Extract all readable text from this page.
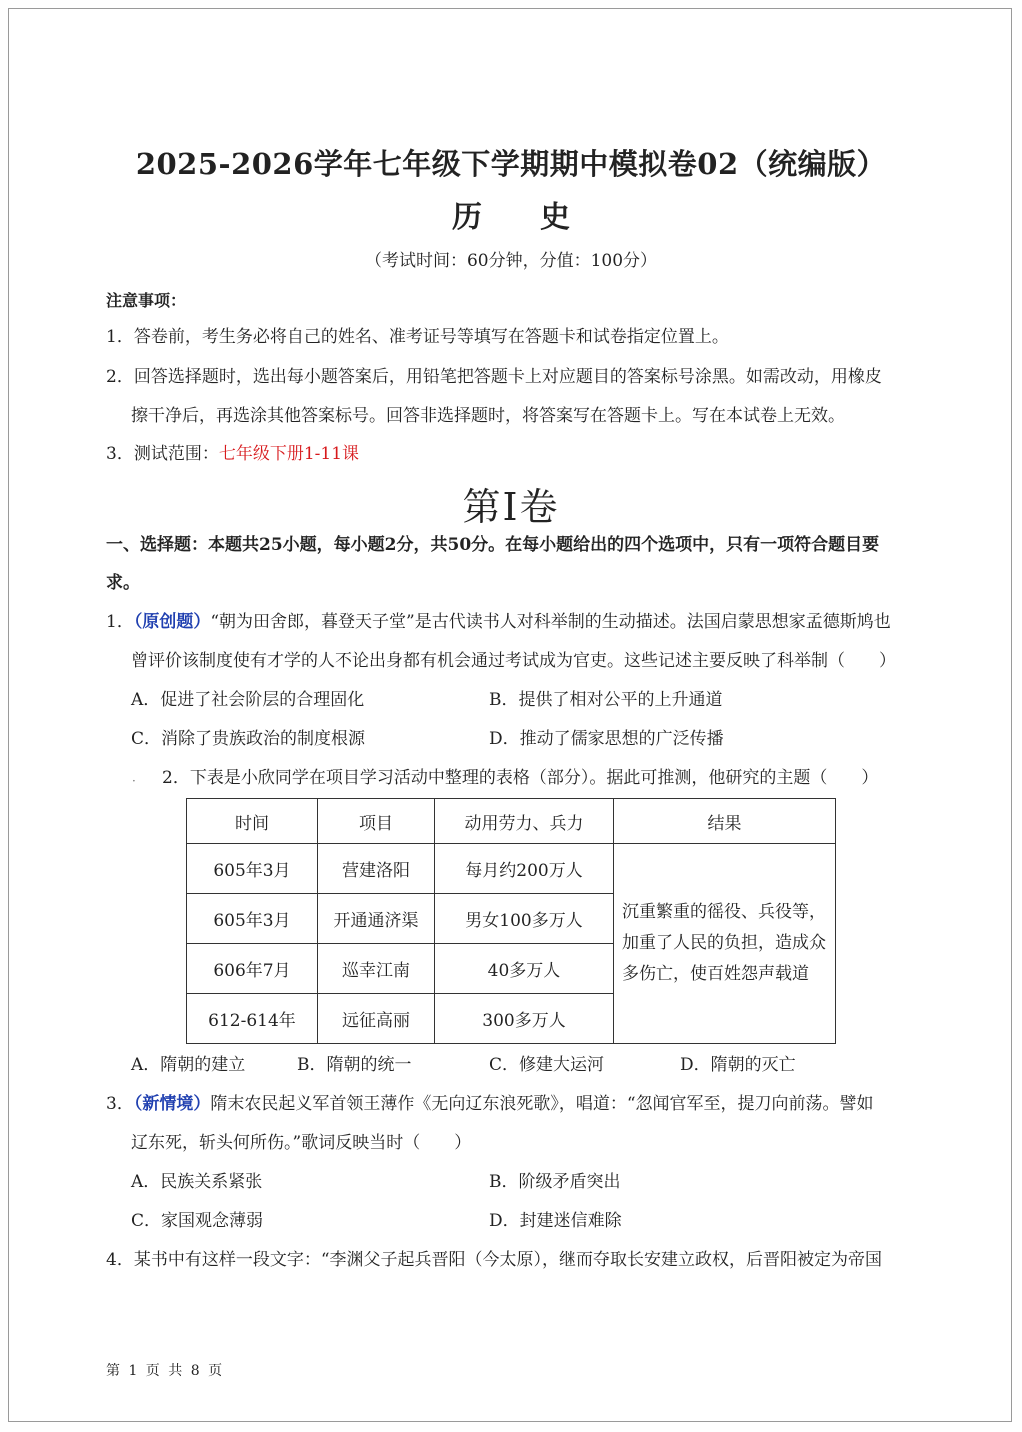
2025-2026学年七年级下学期期中模拟卷02（统编版）
历 史
（考试时间：60分钟，分值：100分）
注意事项：
1．答卷前，考生务必将自己的姓名、准考证号等填写在答题卡和试卷指定位置上。
2．回答选择题时，选出每小题答案后，用铅笔把答题卡上对应题目的答案标号涂黑。如需改动，用橡皮
擦干净后，再选涂其他答案标号。回答非选择题时，将答案写在答题卡上。写在本试卷上无效。
3．测试范围：七年级下册1-11课
第Ⅰ卷
一、选择题：本题共25小题，每小题2分，共50分。在每小题给出的四个选项中，只有一项符合题目要
求。
1．（原创题）“朝为田舍郎，暮登天子堂”是古代读书人对科举制的生动描述。法国启蒙思想家孟德斯鸠也
曾评价该制度使有才学的人不论出身都有机会通过考试成为官吏。这些记述主要反映了科举制（　　）
A．促进了社会阶层的合理固化	B．提供了相对公平的上升通道
C．消除了贵族政治的制度根源	D．推动了儒家思想的广泛传播
· 2．下表是小欣同学在项目学习活动中整理的表格（部分）。据此可推测，他研究的主题（　　）
时间	项目	动用劳力、兵力	结果
605年3月	营建洛阳	每月约200万人	沉重繁重的徭役、兵役等，加重了人民的负担，造成众多伤亡，使百姓怨声载道
605年3月	开通通济渠	男女100多万人	
606年7月	巡幸江南	40多万人	
612-614年	远征高丽	300多万人	
A．隋朝的建立	B．隋朝的统一	C．修建大运河	D．隋朝的灭亡
3．（新情境）隋末农民起义军首领王薄作《无向辽东浪死歌》，唱道：“忽闻官军至，提刀向前荡。譬如
辽东死，斩头何所伤。”歌词反映当时（　　）
A．民族关系紧张	B．阶级矛盾突出
C．家国观念薄弱	D．封建迷信难除
4．某书中有这样一段文字：“李渊父子起兵晋阳（今太原），继而夺取长安建立政权，后晋阳被定为帝国
第 1 页 共 8 页
